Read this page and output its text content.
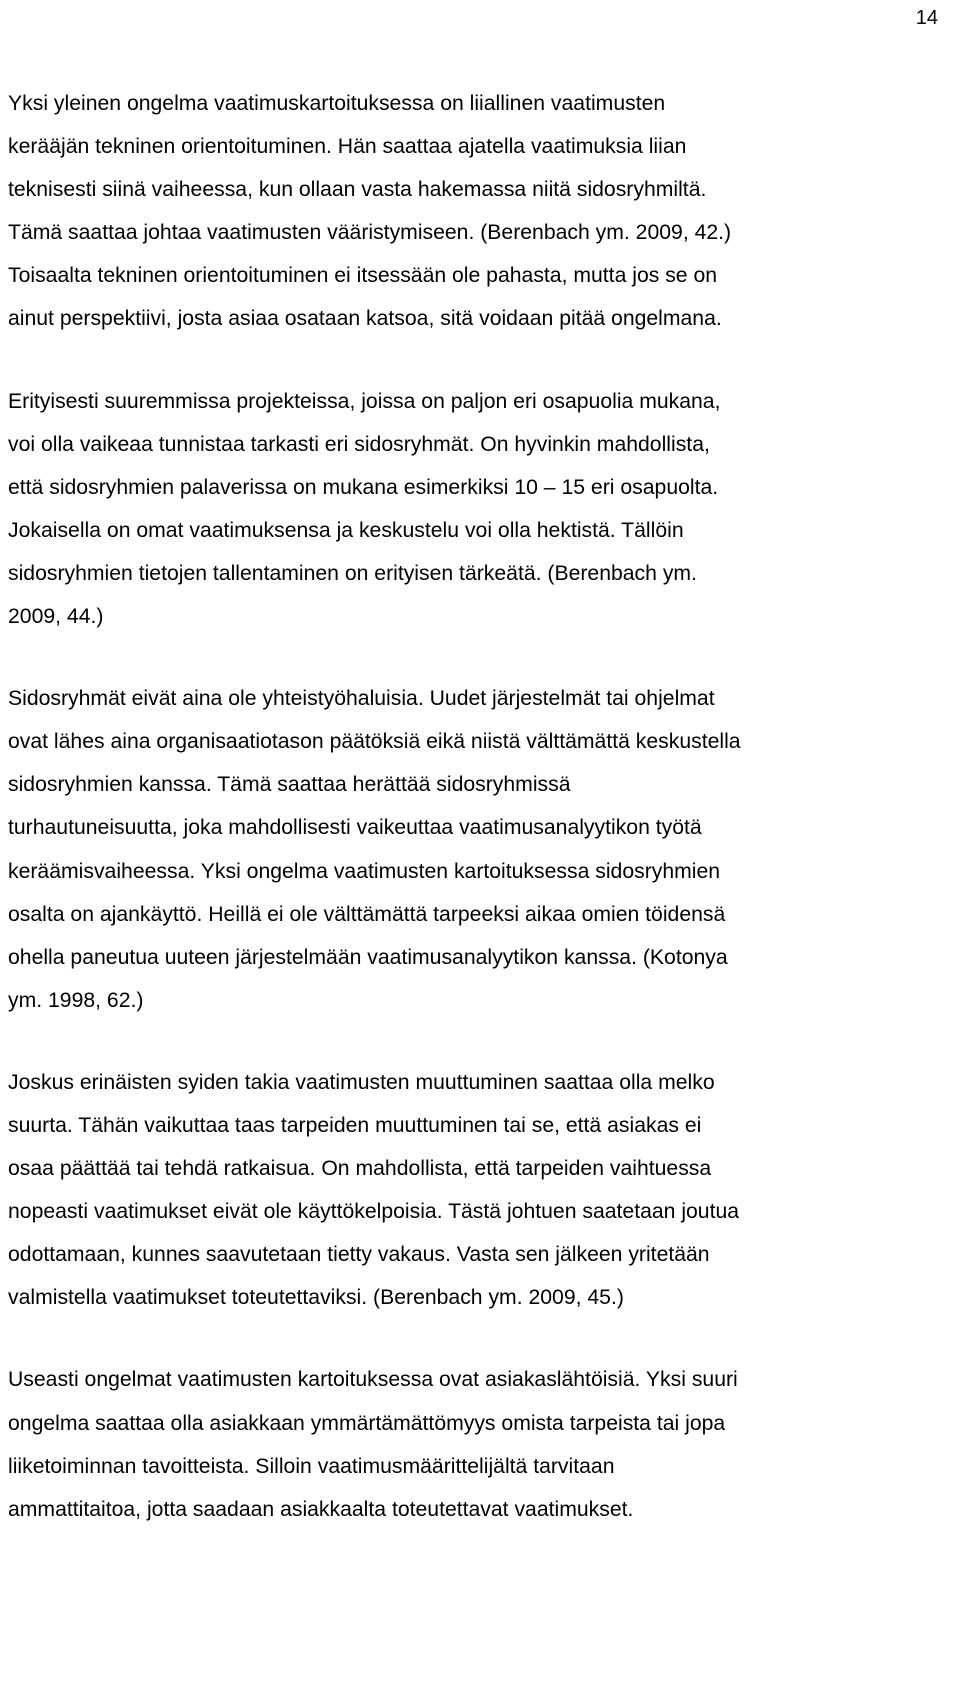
14

Yksi yleinen ongelma vaatimuskartoituksessa on liiallinen vaatimusten
kerääjän tekninen orientoituminen. Hän saattaa ajatella vaatimuksia liian
teknisesti siinä vaiheessa, kun ollaan vasta hakemassa niitä sidosryhmiltä.
Tämä saattaa johtaa vaatimusten vääristymiseen. (Berenbach ym. 2009, 42.)
Toisaalta tekninen orientoituminen ei itsessään ole pahasta, mutta jos se on
ainut perspektiivi, josta asiaa osataan katsoa, sitä voidaan pitää ongelmana.

Erityisesti suuremmissa projekteissa, joissa on paljon eri osapuolia mukana,
voi olla vaikeaa tunnistaa tarkasti eri sidosryhmät. On hyvinkin mahdollista,
että sidosryhmien palaverissa on mukana esimerkiksi 10 – 15 eri osapuolta.
Jokaisella on omat vaatimuksensa ja keskustelu voi olla hektistä. Tällöin
sidosryhmien tietojen tallentaminen on erityisen tärkeätä. (Berenbach ym.
2009, 44.)

Sidosryhmät eivät aina ole yhteistyöhaluisia. Uudet järjestelmät tai ohjelmat
ovat lähes aina organisaatiotason päätöksiä eikä niistä välttämättä keskustella
sidosryhmien kanssa. Tämä saattaa herättää sidosryhmissä
turhautuneisuutta, joka mahdollisesti vaikeuttaa vaatimusanalyytikon työtä
keräämisvaiheessa. Yksi ongelma vaatimusten kartoituksessa sidosryhmien
osalta on ajankäyttö. Heillä ei ole välttämättä tarpeeksi aikaa omien töidensä
ohella paneutua uuteen järjestelmään vaatimusanalyytikon kanssa. (Kotonya
ym. 1998, 62.)

Joskus erinäisten syiden takia vaatimusten muuttuminen saattaa olla melko
suurta. Tähän vaikuttaa taas tarpeiden muuttuminen tai se, että asiakas ei
osaa päättää tai tehdä ratkaisua. On mahdollista, että tarpeiden vaihtuessa
nopeasti vaatimukset eivät ole käyttökelpoisia. Tästä johtuen saatetaan joutua
odottamaan, kunnes saavutetaan tietty vakaus. Vasta sen jälkeen yritetään
valmistella vaatimukset toteutettaviksi. (Berenbach ym. 2009, 45.)

Useasti ongelmat vaatimusten kartoituksessa ovat asiakaslähtöisiä. Yksi suuri
ongelma saattaa olla asiakkaan ymmärtämättömyys omista tarpeista tai jopa
liiketoiminnan tavoitteista. Silloin vaatimusmäärittelijältä tarvitaan
ammattitaitoa, jotta saadaan asiakkaalta toteutettavat vaatimukset.
